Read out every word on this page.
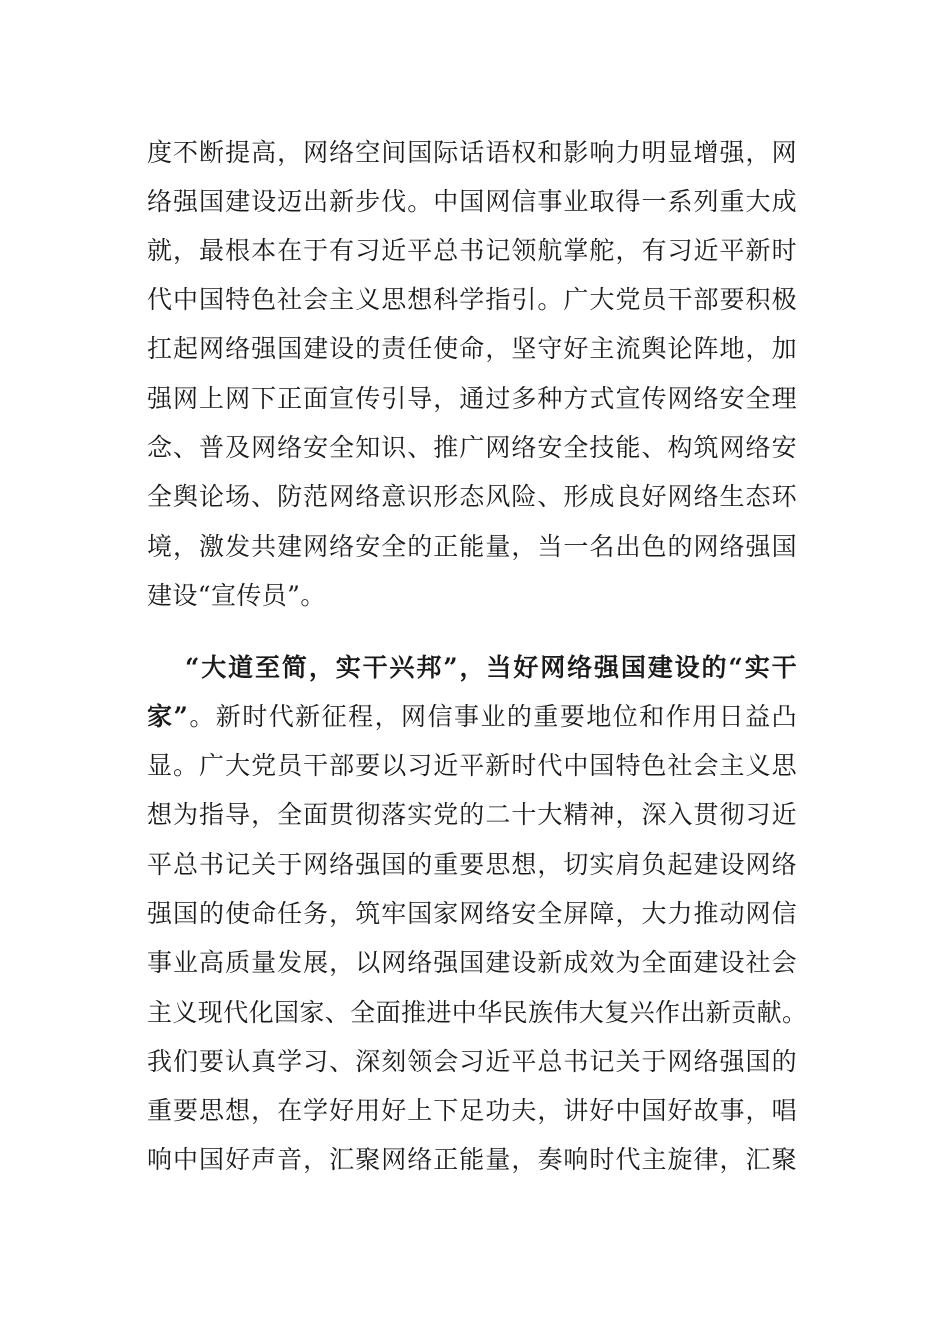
度不断提高，网络空间国际话语权和影响力明显增强，网
络强国建设迈出新步伐。中国网信事业取得一系列重大成
就，最根本在于有习近平总书记领航掌舵，有习近平新时
代中国特色社会主义思想科学指引。广大党员干部要积极
扛起网络强国建设的责任使命，坚守好主流舆论阵地，加
强网上网下正面宣传引导，通过多种方式宣传网络安全理
念、普及网络安全知识、推广网络安全技能、构筑网络安
全舆论场、防范网络意识形态风险、形成良好网络生态环
境，激发共建网络安全的正能量，当一名出色的网络强国
建设“宣传员”。
“大道至简，实干兴邦”，当好网络强国建设的“实干
家”。新时代新征程，网信事业的重要地位和作用日益凸
显。广大党员干部要以习近平新时代中国特色社会主义思
想为指导，全面贯彻落实党的二十大精神，深入贯彻习近
平总书记关于网络强国的重要思想，切实肩负起建设网络
强国的使命任务，筑牢国家网络安全屏障，大力推动网信
事业高质量发展，以网络强国建设新成效为全面建设社会
主义现代化国家、全面推进中华民族伟大复兴作出新贡献。
我们要认真学习、深刻领会习近平总书记关于网络强国的
重要思想，在学好用好上下足功夫，讲好中国好故事，唱
响中国好声音，汇聚网络正能量，奏响时代主旋律，汇聚
